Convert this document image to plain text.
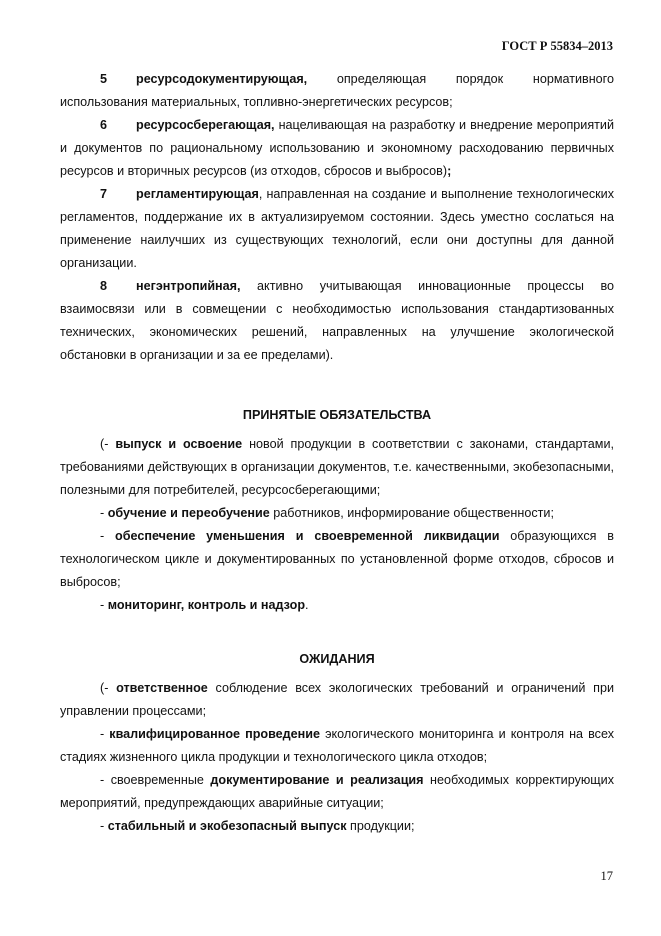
ГОСТ Р 55834–2013

5 ресурсодокументирующая, определяющая порядок нормативного использования материальных, топливно-энергетических ресурсов;

6 ресурсосберегающая, нацеливающая на разработку и внедрение мероприятий и документов по рациональному использованию и экономному расходованию первичных ресурсов и вторичных ресурсов (из отходов, сбросов и выбросов);

7 регламентирующая, направленная на создание и выполнение технологических регламентов, поддержание их в актуализируемом состоянии. Здесь уместно сослаться на применение наилучших из существующих технологий, если они доступны для данной организации.

8 негэнтропийная, активно учитывающая инновационные процессы во взаимосвязи или в совмещении с необходимостью использования стандартизованных технических, экономических решений, направленных на улучшение экологической обстановки в организации и за ее пределами).

ПРИНЯТЫЕ ОБЯЗАТЕЛЬСТВА

(- выпуск и освоение новой продукции в соответствии с законами, стандартами, требованиями действующих в организации документов, т.е. качественными, экобезопасными, полезными для потребителей, ресурсосберегающими;

- обучение и переобучение работников, информирование общественности;

- обеспечение уменьшения и своевременной ликвидации образующихся в технологическом цикле и документированных по установленной форме отходов, сбросов и выбросов;

- мониторинг, контроль и надзор.

ОЖИДАНИЯ

(- ответственное соблюдение всех экологических требований и ограничений при управлении процессами;

- квалифицированное проведение экологического мониторинга и контроля на всех стадиях жизненного цикла продукции и технологического цикла отходов;

- своевременные документирование и реализация необходимых корректирующих мероприятий, предупреждающих аварийные ситуации;

- стабильный и экобезопасный выпуск продукции;

17
